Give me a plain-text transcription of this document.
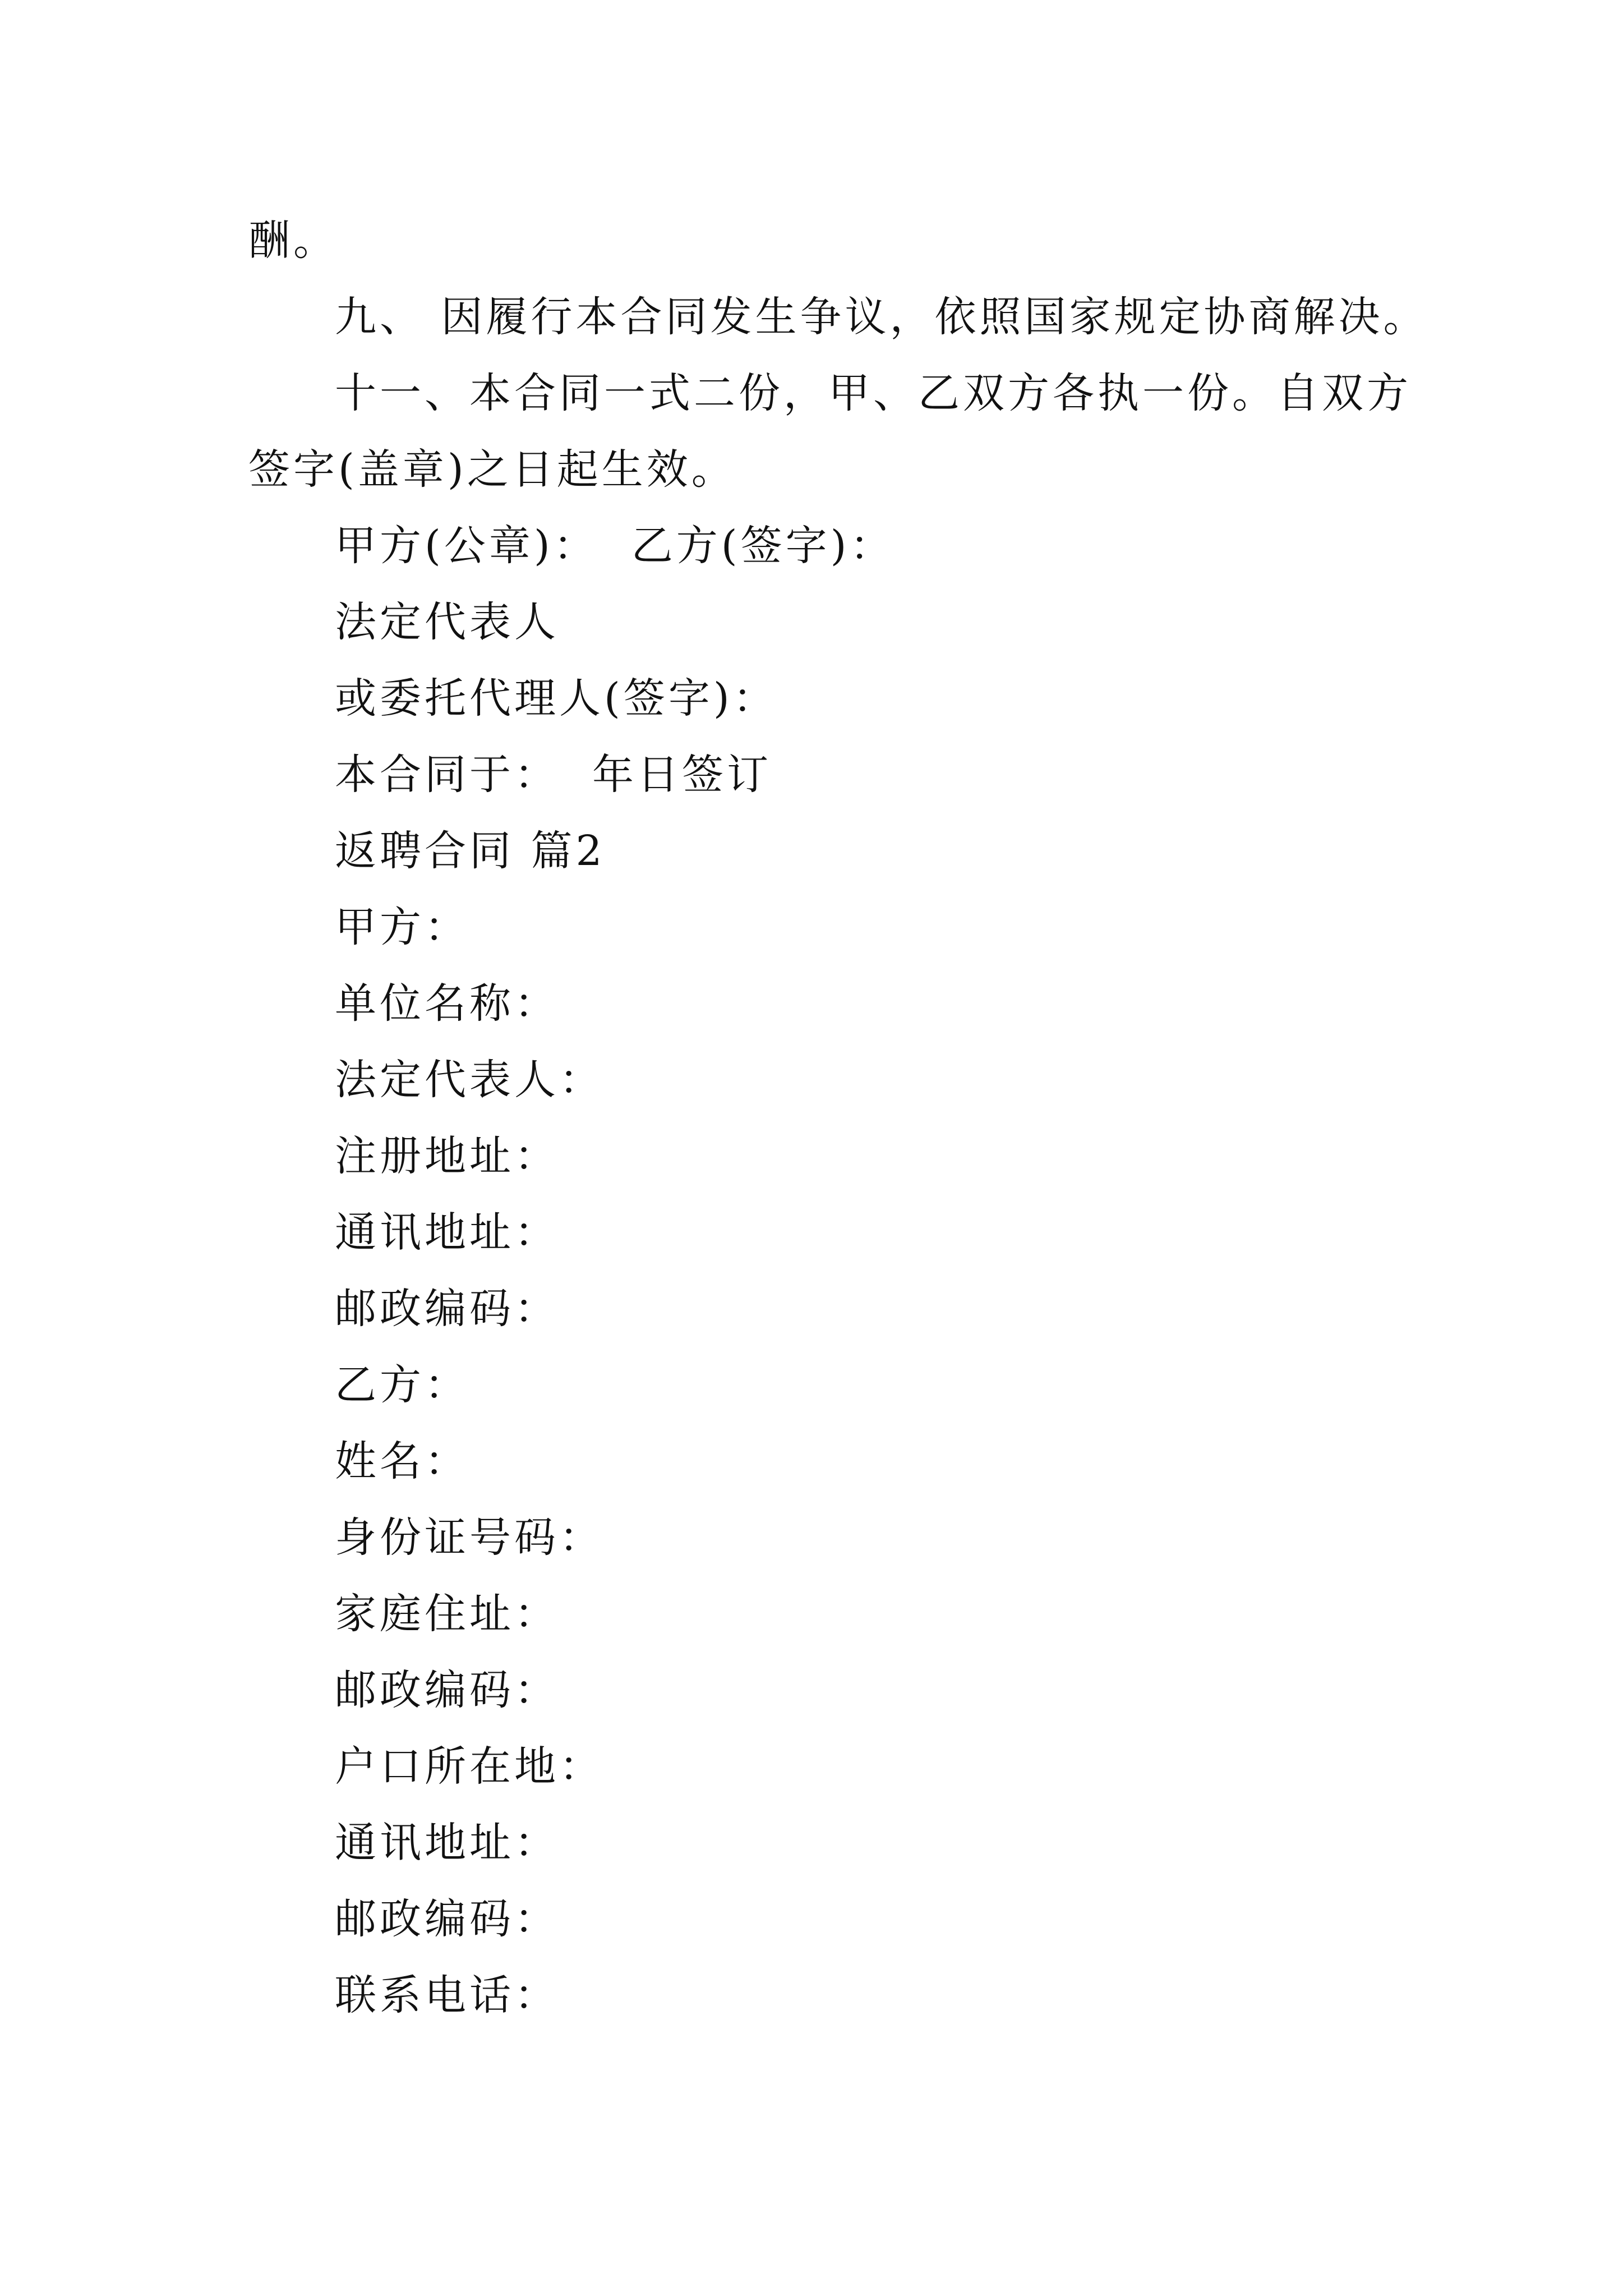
酬。
九、 因履行本合同发生争议，依照国家规定协商解决。
十一、本合同一式二份，甲、乙双方各执一份。自双方
签字(盖章)之日起生效。
甲方(公章)：  乙方(签字)：
法定代表人
或委托代理人(签字)：
本合同于：  年日签订
返聘合同 篇2
甲方：
单位名称：
法定代表人：
注册地址：
通讯地址：
邮政编码：
乙方：
姓名：
身份证号码：
家庭住址：
邮政编码：
户口所在地：
通讯地址：
邮政编码：
联系电话：
